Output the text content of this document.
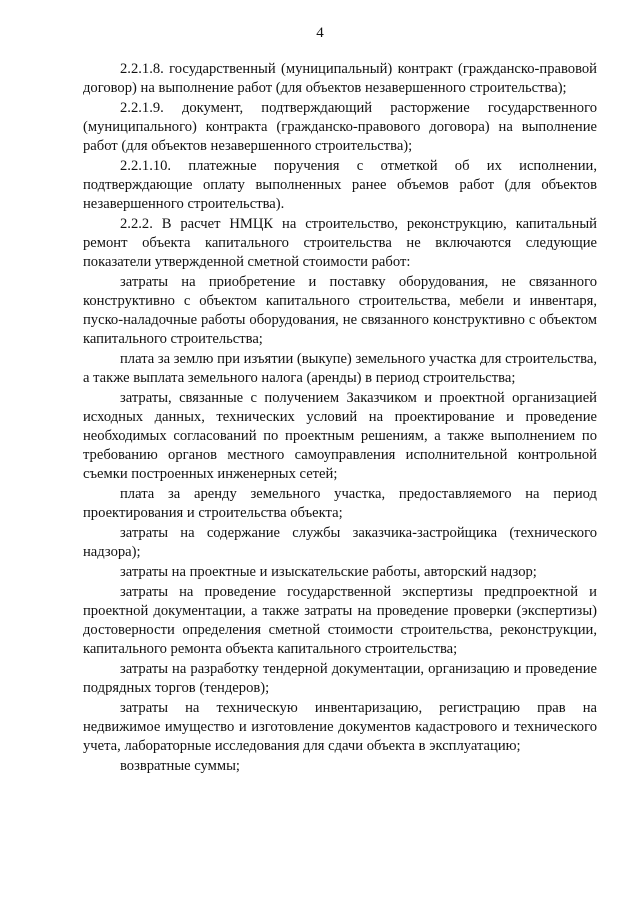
4

2.2.1.8. государственный (муниципальный) контракт (гражданско-правовой договор) на выполнение работ (для объектов незавершенного строительства);

2.2.1.9. документ, подтверждающий расторжение государственного (муниципального) контракта (гражданско-правового договора) на выполнение работ (для объектов незавершенного строительства);

2.2.1.10. платежные поручения с отметкой об их исполнении, подтверждающие оплату выполненных ранее объемов работ (для объектов незавершенного строительства).

2.2.2. В расчет НМЦК на строительство, реконструкцию, капитальный ремонт объекта капитального строительства не включаются следующие показатели утвержденной сметной стоимости работ:

затраты на приобретение и поставку оборудования, не связанного конструктивно с объектом капитального строительства, мебели и инвентаря, пуско-наладочные работы оборудования, не связанного конструктивно с объектом капитального строительства;

плата за землю при изъятии (выкупе) земельного участка для строительства, а также выплата земельного налога (аренды) в период строительства;

затраты, связанные с получением Заказчиком и проектной организацией исходных данных, технических условий на проектирование и проведение необходимых согласований по проектным решениям, а также выполнением по требованию органов местного самоуправления исполнительной контрольной съемки построенных инженерных сетей;

плата за аренду земельного участка, предоставляемого на период проектирования и строительства объекта;

затраты на содержание службы заказчика-застройщика (технического надзора);

затраты на проектные и изыскательские работы, авторский надзор;

затраты на проведение государственной экспертизы предпроектной и проектной документации, а также затраты на проведение проверки (экспертизы) достоверности определения сметной стоимости строительства, реконструкции, капитального ремонта объекта капитального строительства;

затраты на разработку тендерной документации, организацию и проведение подрядных торгов (тендеров);

затраты на техническую инвентаризацию, регистрацию прав на недвижимое имущество и изготовление документов кадастрового и технического учета, лабораторные исследования для сдачи объекта в эксплуатацию;

возвратные суммы;
